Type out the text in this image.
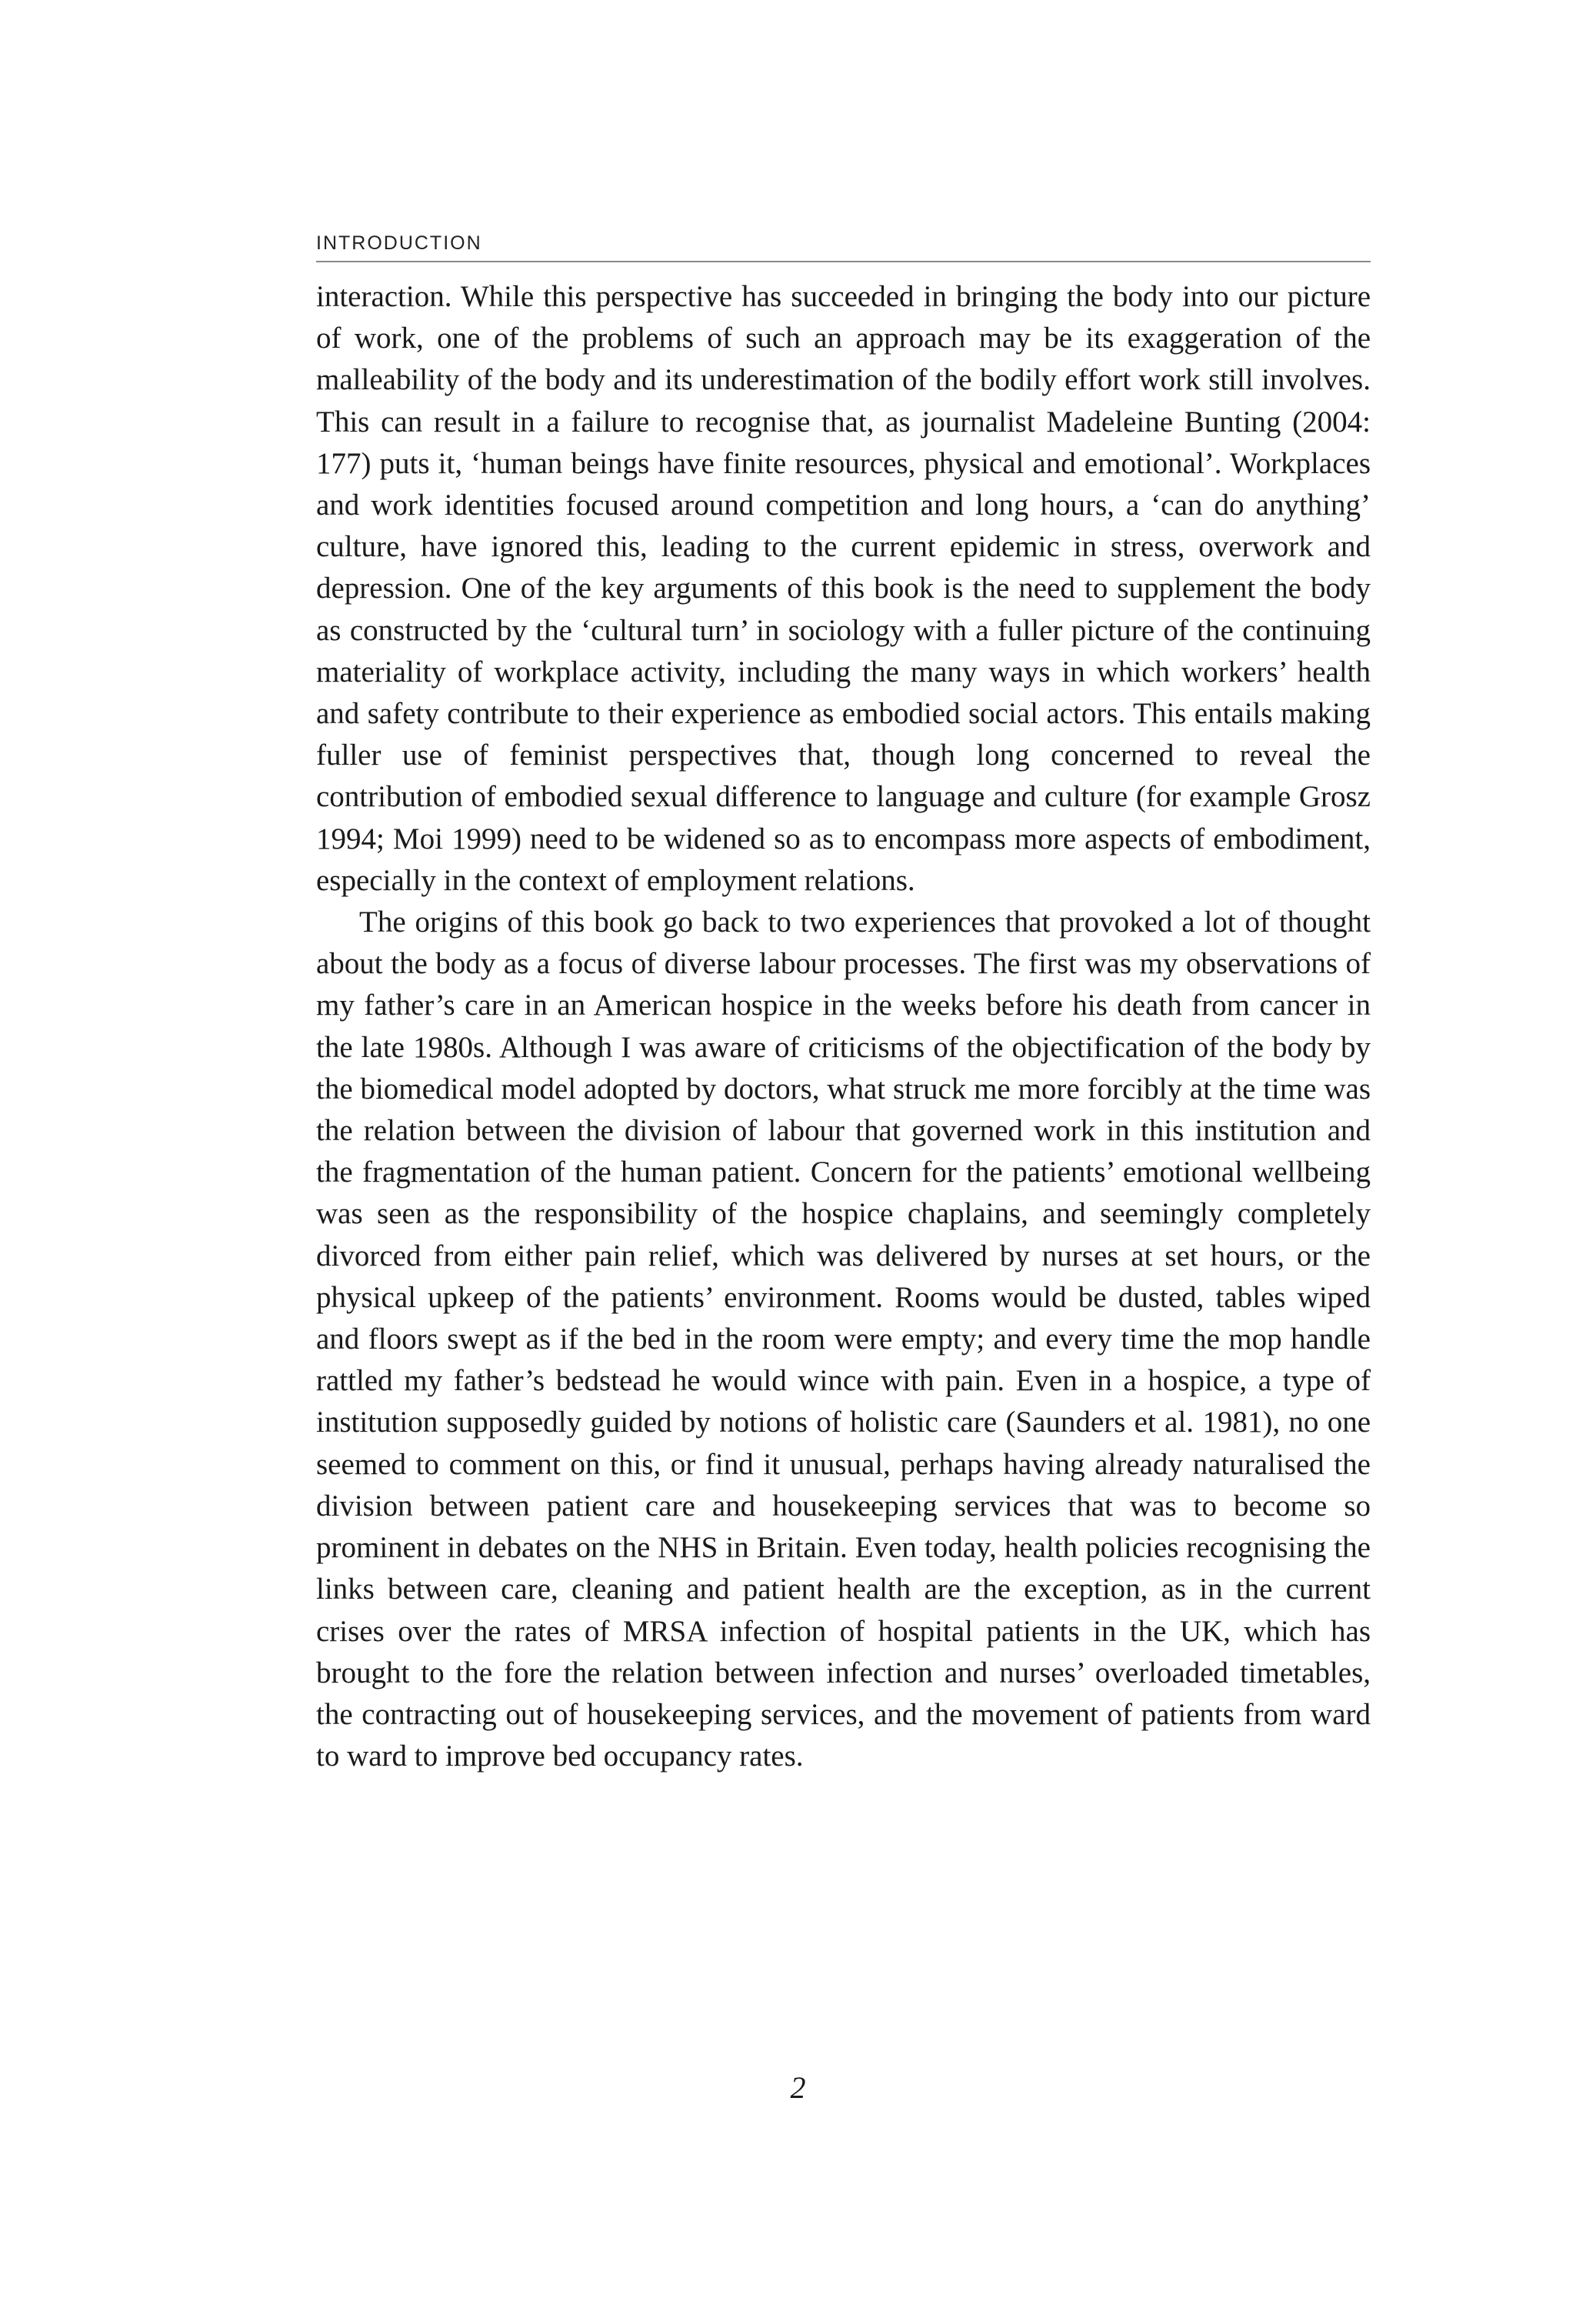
INTRODUCTION

interaction. While this perspective has succeeded in bringing the body into our picture of work, one of the problems of such an approach may be its exaggeration of the malleability of the body and its underestimation of the bodily effort work still involves. This can result in a failure to recognise that, as journalist Madeleine Bunting (2004: 177) puts it, ‘human beings have finite resources, physical and emotional’. Workplaces and work identities focused around competition and long hours, a ‘can do anything’ culture, have ignored this, leading to the current epidemic in stress, overwork and depression. One of the key arguments of this book is the need to supplement the body as constructed by the ‘cultural turn’ in sociology with a fuller picture of the continuing materiality of workplace activity, including the many ways in which workers’ health and safety contribute to their experience as embodied social actors. This entails making fuller use of feminist perspectives that, though long concerned to reveal the contribution of embodied sexual difference to language and culture (for example Grosz 1994; Moi 1999) need to be widened so as to encompass more aspects of embodiment, especially in the context of employment relations.

The origins of this book go back to two experiences that provoked a lot of thought about the body as a focus of diverse labour processes. The first was my observations of my father’s care in an American hospice in the weeks before his death from cancer in the late 1980s. Although I was aware of criticisms of the objectification of the body by the biomedical model adopted by doctors, what struck me more forcibly at the time was the relation between the division of labour that governed work in this institution and the fragmentation of the human patient. Concern for the patients’ emotional wellbeing was seen as the responsibility of the hospice chaplains, and seemingly completely divorced from either pain relief, which was delivered by nurses at set hours, or the physical upkeep of the patients’ environment. Rooms would be dusted, tables wiped and floors swept as if the bed in the room were empty; and every time the mop handle rattled my father’s bedstead he would wince with pain. Even in a hospice, a type of institution supposedly guided by notions of holistic care (Saunders et al. 1981), no one seemed to comment on this, or find it unusual, perhaps having already naturalised the division between patient care and housekeeping services that was to become so prominent in debates on the NHS in Britain. Even today, health policies recognising the links between care, cleaning and patient health are the exception, as in the current crises over the rates of MRSA infection of hospital patients in the UK, which has brought to the fore the relation between infection and nurses’ overloaded timetables, the contracting out of housekeeping services, and the movement of patients from ward to ward to improve bed occupancy rates.

2
